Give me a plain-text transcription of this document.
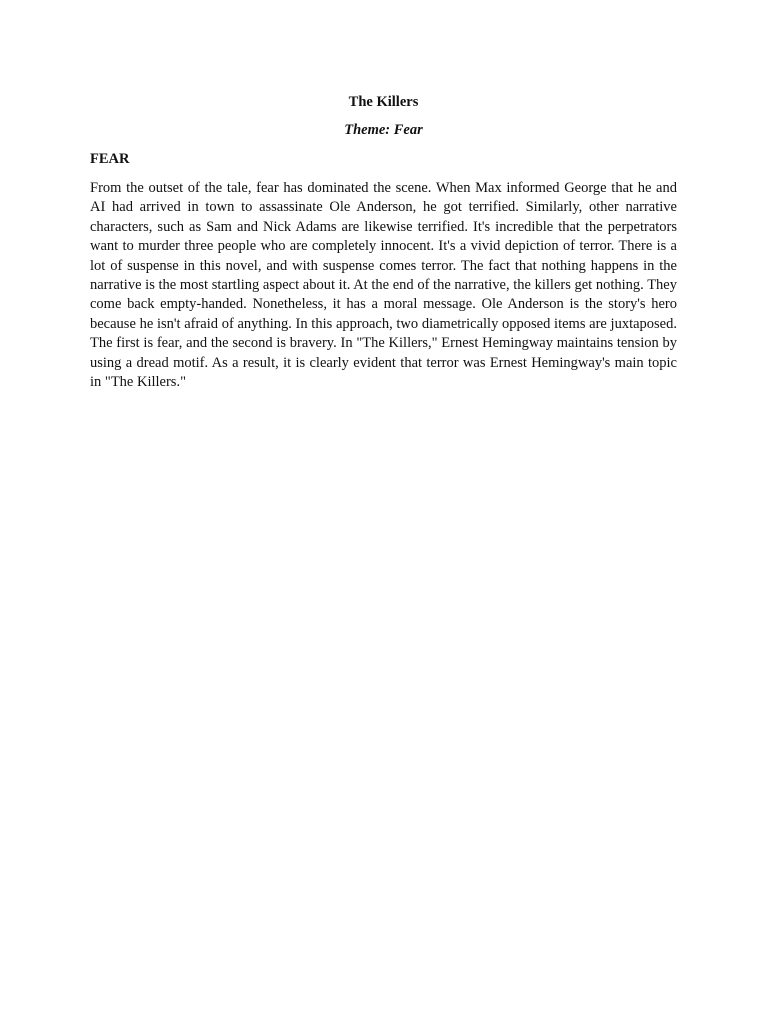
The Killers
Theme: Fear
FEAR

From the outset of the tale, fear has dominated the scene. When Max informed George that he and AI had arrived in town to assassinate Ole Anderson, he got terrified. Similarly, other narrative characters, such as Sam and Nick Adams are likewise terrified. It's incredible that the perpetrators want to murder three people who are completely innocent. It's a vivid depiction of terror. There is a lot of suspense in this novel, and with suspense comes terror. The fact that nothing happens in the narrative is the most startling aspect about it. At the end of the narrative, the killers get nothing. They come back empty-handed. Nonetheless, it has a moral message. Ole Anderson is the story's hero because he isn't afraid of anything. In this approach, two diametrically opposed items are juxtaposed. The first is fear, and the second is bravery. In "The Killers," Ernest Hemingway maintains tension by using a dread motif. As a result, it is clearly evident that terror was Ernest Hemingway's main topic in "The Killers."
